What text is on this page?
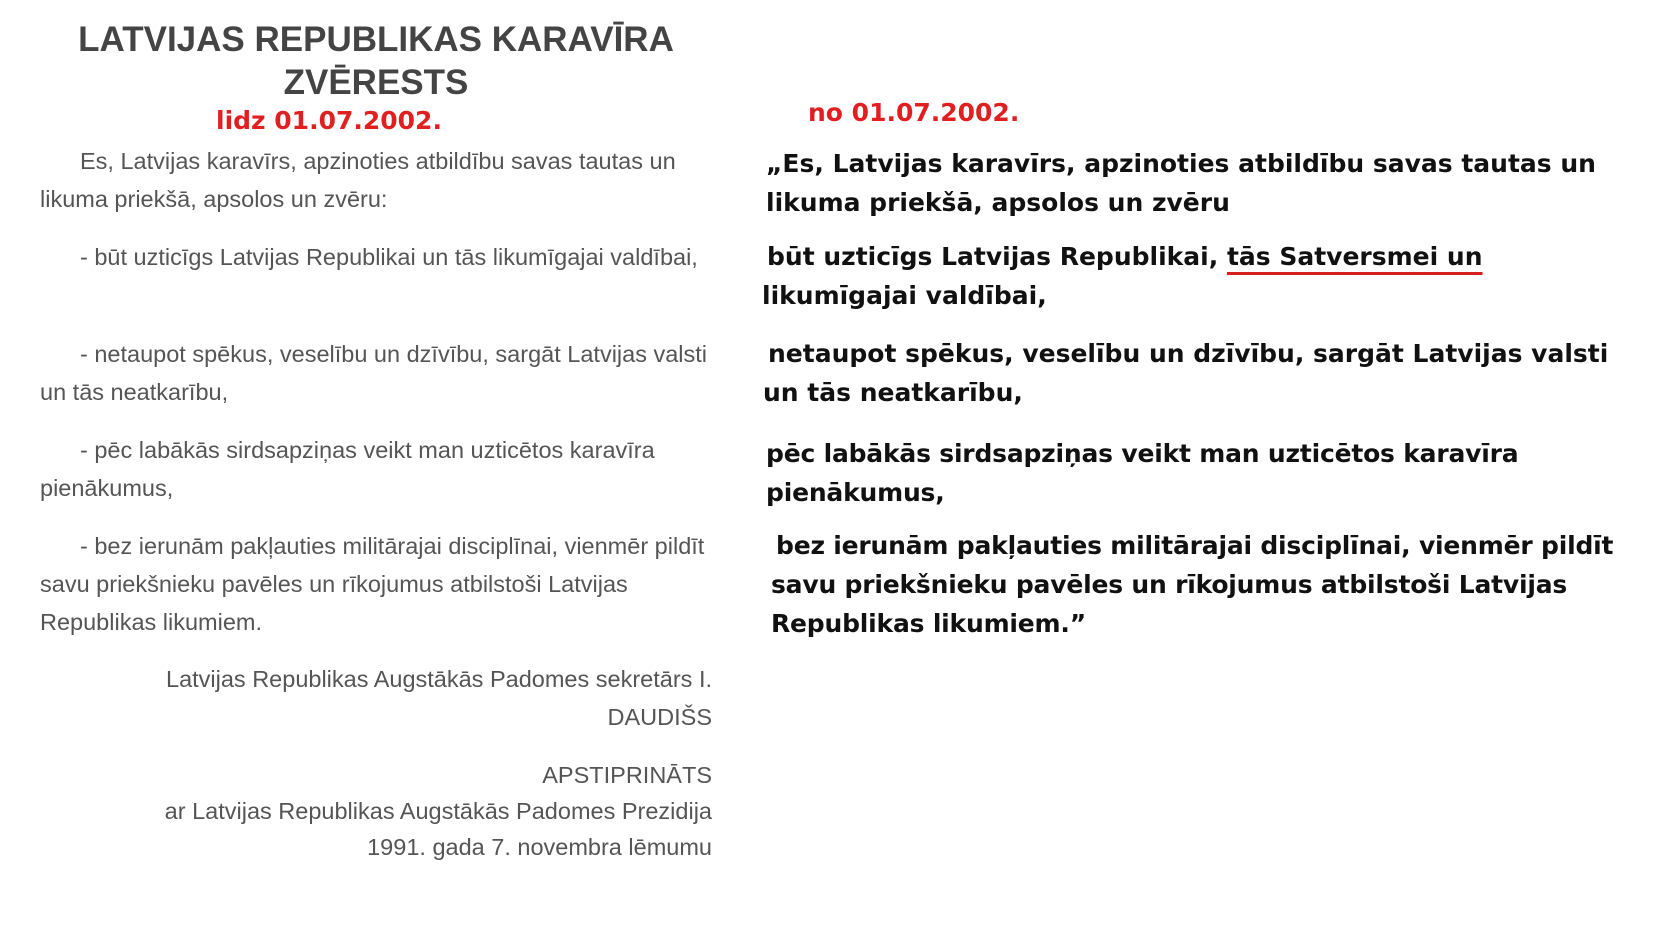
LATVIJAS REPUBLIKAS KARAVĪRA ZVĒRESTS

lidz 01.07.2002.

Es, Latvijas karavīrs, apzinoties atbildību savas tautas un likuma priekšā, apsolos un zvēru:

- būt uzticīgs Latvijas Republikai un tās likumīgajai valdībai,

- netaupot spēkus, veselību un dzīvību, sargāt Latvijas valsti un tās neatkarību,

- pēc labākās sirdsapziņas veikt man uzticētos karavīra pienākumus,

- bez ierunām pakļauties militārajai disciplīnai, vienmēr pildīt savu priekšnieku pavēles un rīkojumus atbilstoši Latvijas Republikas likumiem.

Latvijas Republikas Augstākās Padomes sekretārs I. DAUDIŠS

APSTIPRINĀTS

ar Latvijas Republikas Augstākās Padomes Prezidija

1991. gada 7. novembra lēmumu

no 01.07.2002.

„Es, Latvijas karavīrs, apzinoties atbildību savas tautas un likuma priekšā, apsolos un zvēru

būt uzticīgs Latvijas Republikai, tās Satversmei un likumīgajai valdībai,

netaupot spēkus, veselību un dzīvību, sargāt Latvijas valsti un tās neatkarību,

pēc labākās sirdsapziņas veikt man uzticētos karavīra pienākumus,

bez ierunām pakļauties militārajai disciplīnai, vienmēr pildīt savu priekšnieku pavēles un rīkojumus atbilstoši Latvijas Republikas likumiem.”
